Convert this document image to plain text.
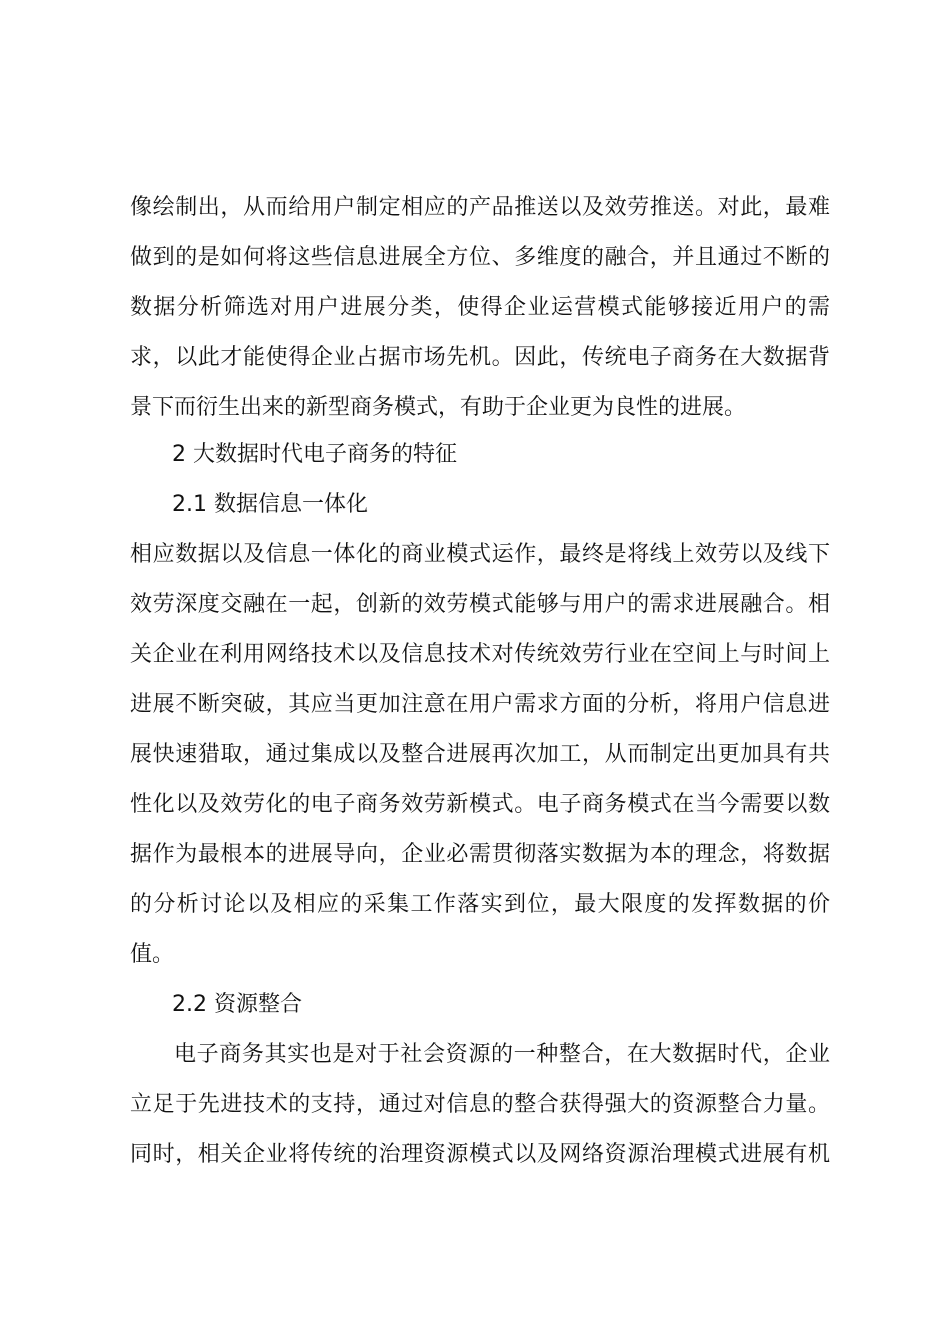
像绘制出，从而给用户制定相应的产品推送以及效劳推送。对此，最难
做到的是如何将这些信息进展全方位、多维度的融合，并且通过不断的
数据分析筛选对用户进展分类，使得企业运营模式能够接近用户的需
求，以此才能使得企业占据市场先机。因此，传统电子商务在大数据背
景下而衍生出来的新型商务模式，有助于企业更为良性的进展。
2 大数据时代电子商务的特征
2.1 数据信息一体化
相应数据以及信息一体化的商业模式运作，最终是将线上效劳以及线下
效劳深度交融在一起，创新的效劳模式能够与用户的需求进展融合。相
关企业在利用网络技术以及信息技术对传统效劳行业在空间上与时间上
进展不断突破，其应当更加注意在用户需求方面的分析，将用户信息进
展快速猎取，通过集成以及整合进展再次加工，从而制定出更加具有共
性化以及效劳化的电子商务效劳新模式。电子商务模式在当今需要以数
据作为最根本的进展导向，企业必需贯彻落实数据为本的理念，将数据
的分析讨论以及相应的采集工作落实到位，最大限度的发挥数据的价
值。
2.2 资源整合
电子商务其实也是对于社会资源的一种整合，在大数据时代，企业
立足于先进技术的支持，通过对信息的整合获得强大的资源整合力量。
同时，相关企业将传统的治理资源模式以及网络资源治理模式进展有机
